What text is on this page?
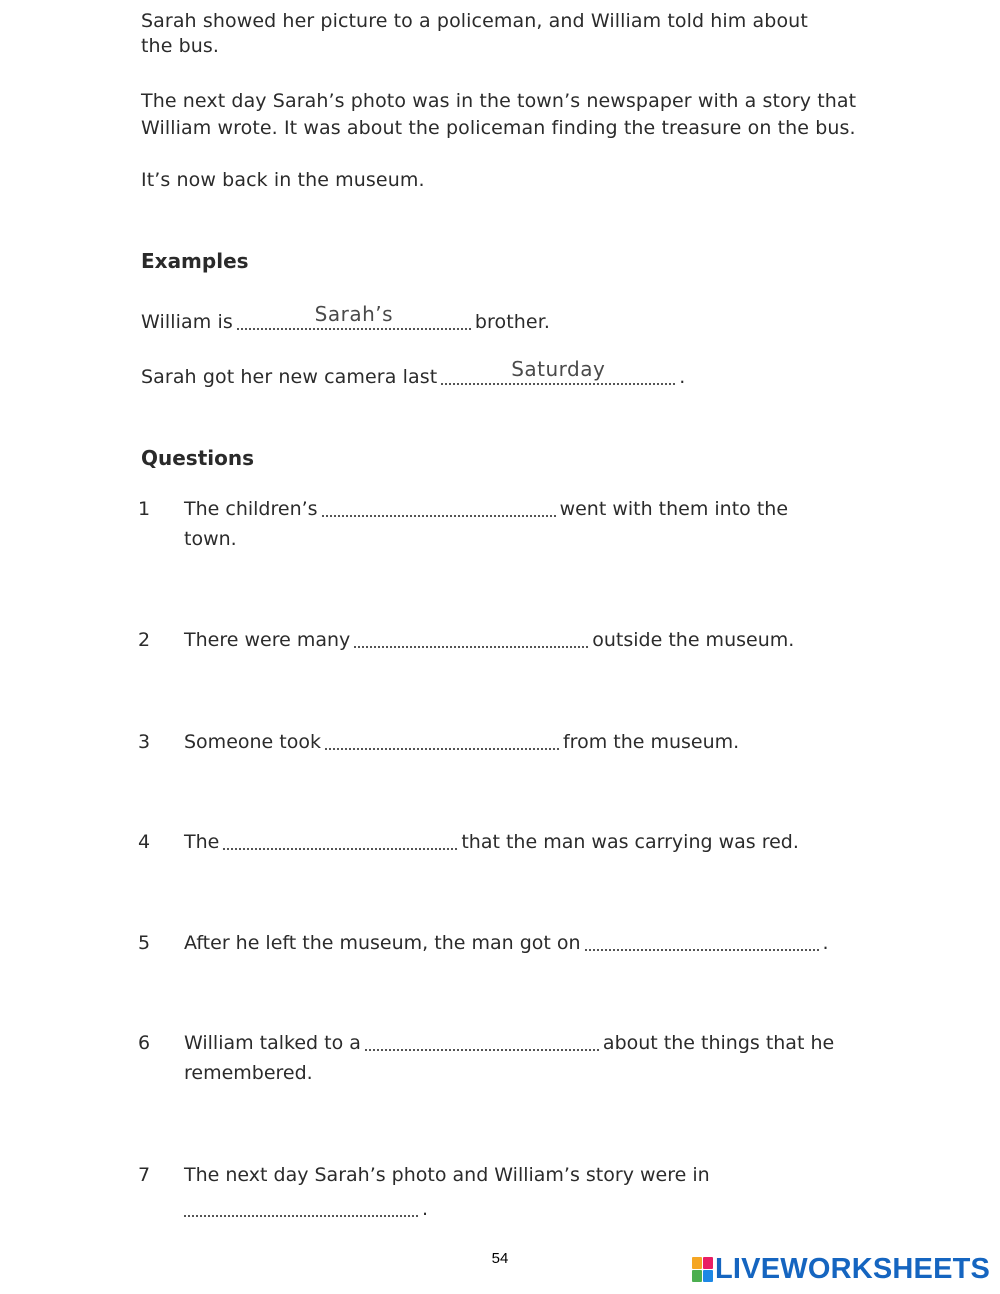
Sarah showed her picture to a policeman, and William told him about
the bus.
The next day Sarah’s photo was in the town’s newspaper with a story that
William wrote. It was about the policeman finding the treasure on the bus.
It’s now back in the museum.
Examples
William is	Sarah’s	brother.
Sarah got her new camera last	Saturday	.
Questions
1 The children’s	went with them into the
town.
2 There were many	outside the museum.
3 Someone took	from the museum.
4 The	that the man was carrying was red.
5 After he left the museum, the man got on	.
6 William talked to a	about the things that he
remembered.
7 The next day Sarah’s photo and William’s story were in
.
54	LIVEWORKSHEETS
